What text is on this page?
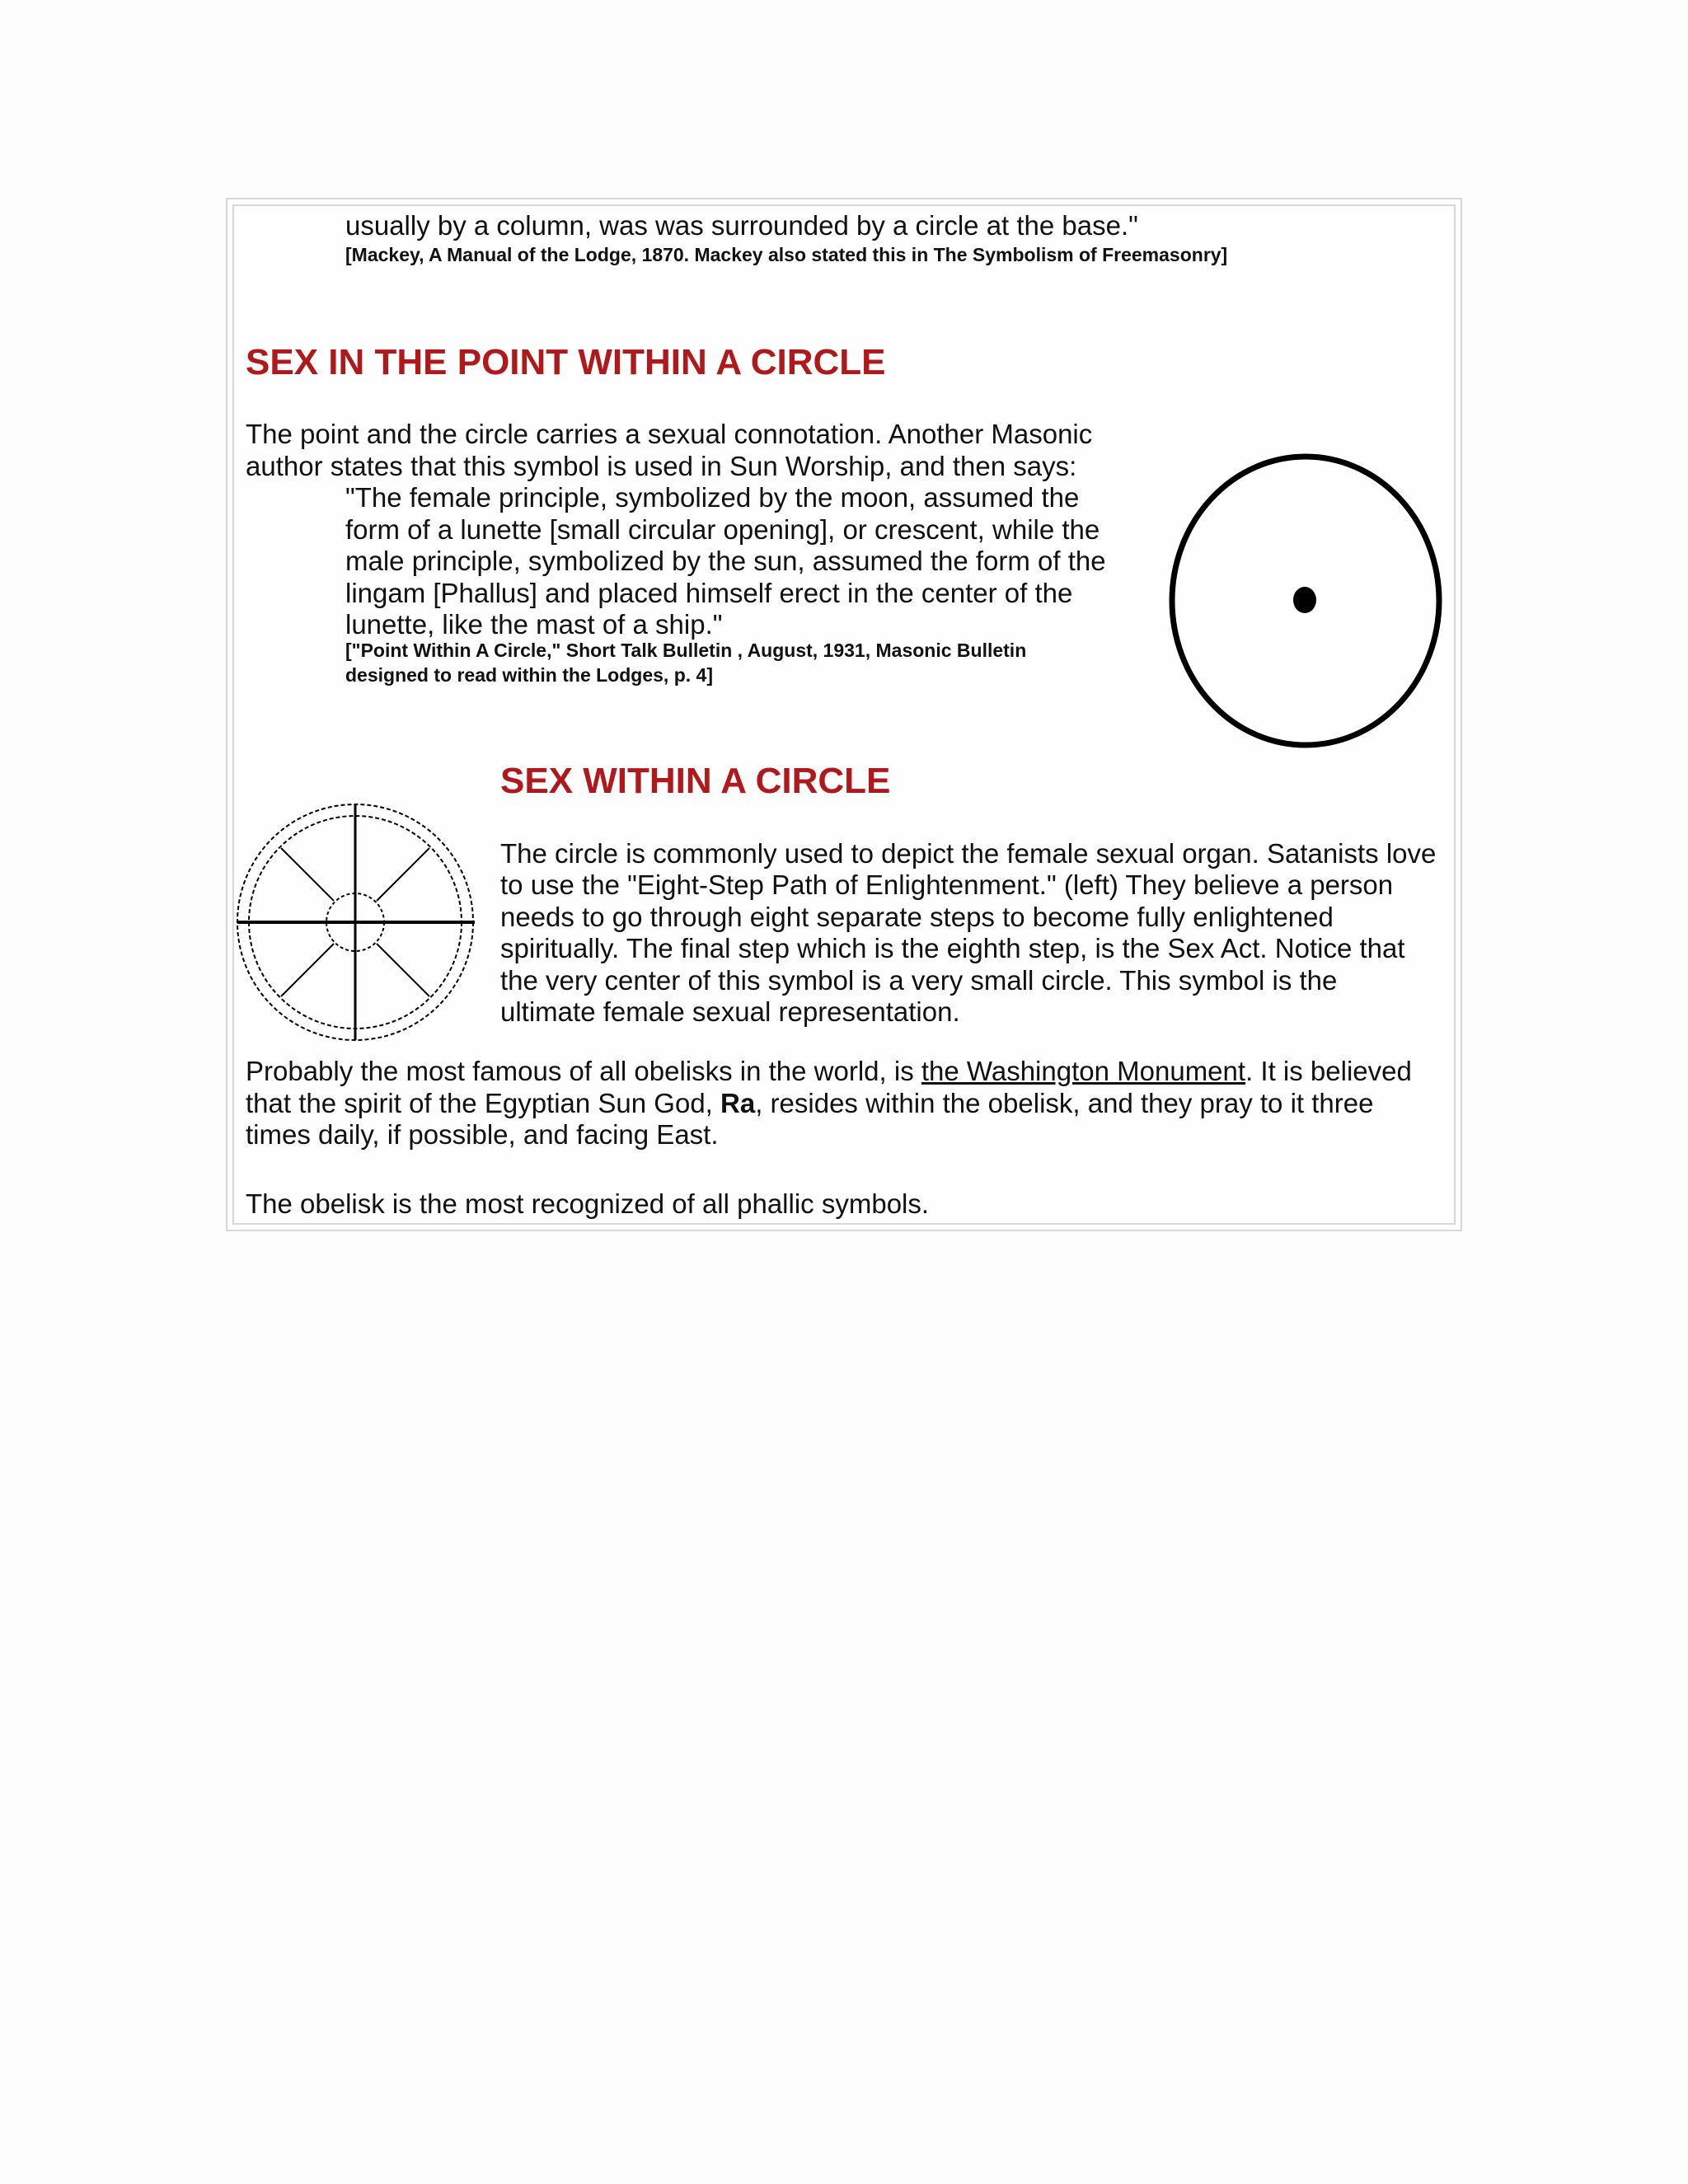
usually by a column, was was surrounded by a circle at the base."
[Mackey, A Manual of the Lodge, 1870. Mackey also stated this in The Symbolism of Freemasonry]
SEX IN THE POINT WITHIN A CIRCLE
The point and the circle carries a sexual connotation. Another Masonic
author states that this symbol is used in Sun Worship, and then says:
"The female principle, symbolized by the moon, assumed the
form of a lunette [small circular opening], or crescent, while the
male principle, symbolized by the sun, assumed the form of the
lingam [Phallus] and placed himself erect in the center of the
lunette, like the mast of a ship."
["Point Within A Circle," Short Talk Bulletin , August, 1931, Masonic Bulletin
designed to read within the Lodges, p. 4]
SEX WITHIN A CIRCLE
The circle is commonly used to depict the female sexual organ. Satanists love
to use the "Eight-Step Path of Enlightenment." (left) They believe a person
needs to go through eight separate steps to become fully enlightened
spiritually. The final step which is the eighth step, is the Sex Act. Notice that
the very center of this symbol is a very small circle. This symbol is the
ultimate female sexual representation.
Probably the most famous of all obelisks in the world, is the Washington Monument. It is believed
that the spirit of the Egyptian Sun God, Ra, resides within the obelisk, and they pray to it three
times daily, if possible, and facing East.
The obelisk is the most recognized of all phallic symbols.
